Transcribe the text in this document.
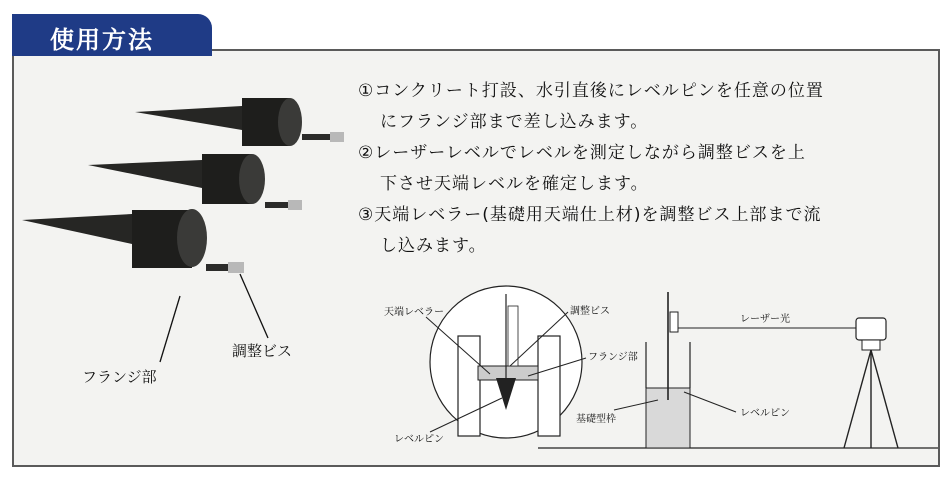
使用方法
フランジ部
調整ビス

①コンクリート打設、水引直後にレベルピンを任意の位置

にフランジ部まで差し込みます。

②レーザーレベルでレベルを測定しながら調整ビスを上

下させ天端レベルを確定します。

③天端レベラー(基礎用天端仕上材)を調整ビス上部まで流

し込みます。

天端レベラー	調整ビス
フランジ部
レベルピン
基礎型枠
レベルピン
レーザー光
